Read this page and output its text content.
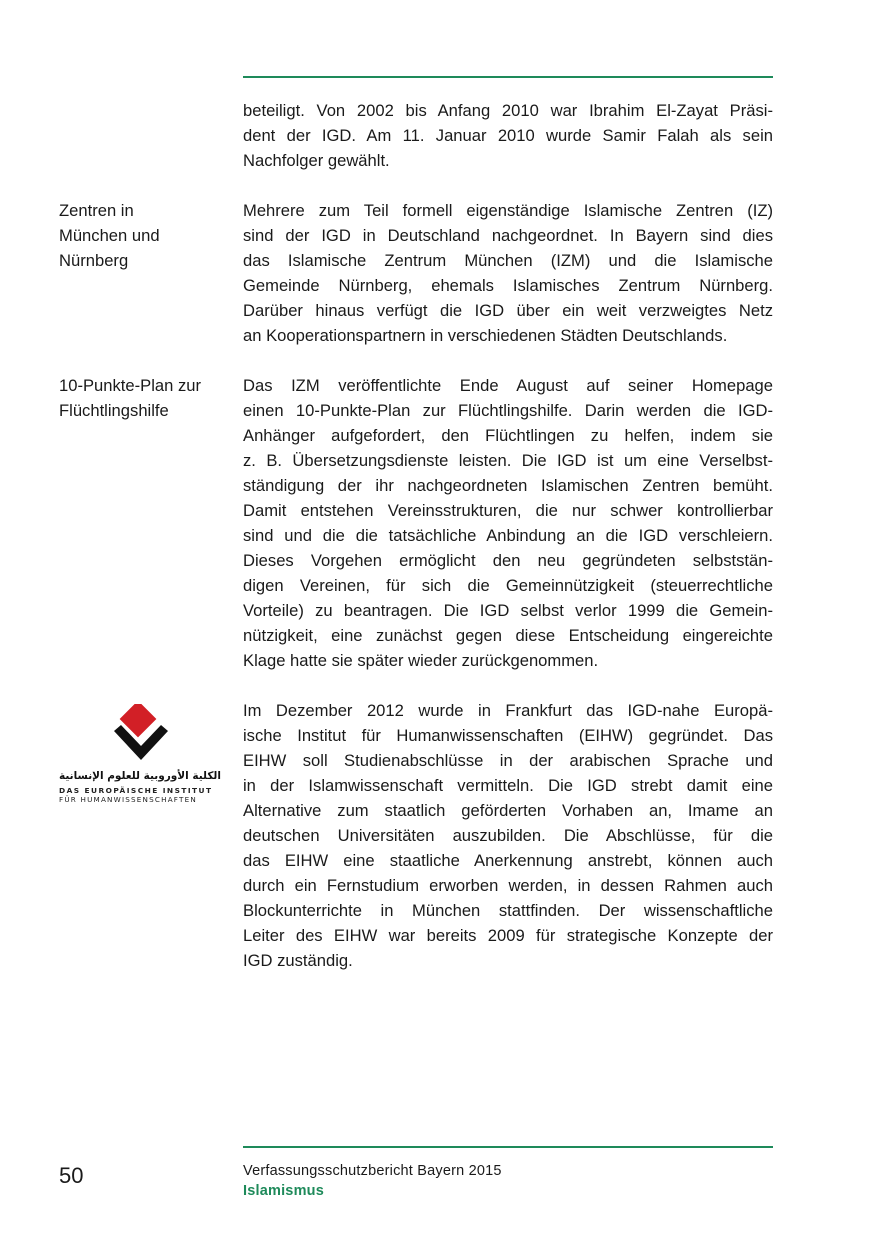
beteiligt. Von 2002 bis Anfang 2010 war Ibrahim El-Zayat Präsi-
dent der IGD. Am 11. Januar 2010 wurde Samir Falah als sein
Nachfolger gewählt.
Zentren in
München und
Nürnberg
Mehrere zum Teil formell eigenständige Islamische Zentren (IZ)
sind der IGD in Deutschland nachgeordnet. In Bayern sind dies
das Islamische Zentrum München (IZM) und die Islamische
Gemeinde Nürnberg, ehemals Islamisches Zentrum Nürnberg.
Darüber hinaus verfügt die IGD über ein weit verzweigtes Netz
an Kooperationspartnern in verschiedenen Städten Deutschlands.
10-Punkte-Plan zur
Flüchtlingshilfe
Das IZM veröffentlichte Ende August auf seiner Homepage
einen 10-Punkte-Plan zur Flüchtlingshilfe. Darin werden die IGD-
Anhänger aufgefordert, den Flüchtlingen zu helfen, indem sie
z. B. Übersetzungsdienste leisten. Die IGD ist um eine Verselbst-
ständigung der ihr nachgeordneten Islamischen Zentren bemüht.
Damit entstehen Vereinsstrukturen, die nur schwer kontrollierbar
sind und die die tatsächliche Anbindung an die IGD verschleiern.
Dieses Vorgehen ermöglicht den neu gegründeten selbststän-
digen Vereinen, für sich die Gemeinnützigkeit (steuerrechtliche
Vorteile) zu beantragen. Die IGD selbst verlor 1999 die Gemein-
nützigkeit, eine zunächst gegen diese Entscheidung eingereichte
Klage hatte sie später wieder zurückgenommen.
الكلية الأوروبية للعلوم الإنسانية
DAS EUROPÄISCHE INSTITUT
FÜR HUMANWISSENSCHAFTEN
Im Dezember 2012 wurde in Frankfurt das IGD-nahe Europä-
ische Institut für Humanwissenschaften (EIHW) gegründet. Das
EIHW soll Studienabschlüsse in der arabischen Sprache und
in der Islamwissenschaft vermitteln. Die IGD strebt damit eine
Alternative zum staatlich geförderten Vorhaben an, Imame an
deutschen Universitäten auszubilden. Die Abschlüsse, für die
das EIHW eine staatliche Anerkennung anstrebt, können auch
durch ein Fernstudium erworben werden, in dessen Rahmen auch
Blockunterrichte in München stattfinden. Der wissenschaftliche
Leiter des EIHW war bereits 2009 für strategische Konzepte der
IGD zuständig.
50	Verfassungsschutzbericht Bayern 2015
Islamismus
